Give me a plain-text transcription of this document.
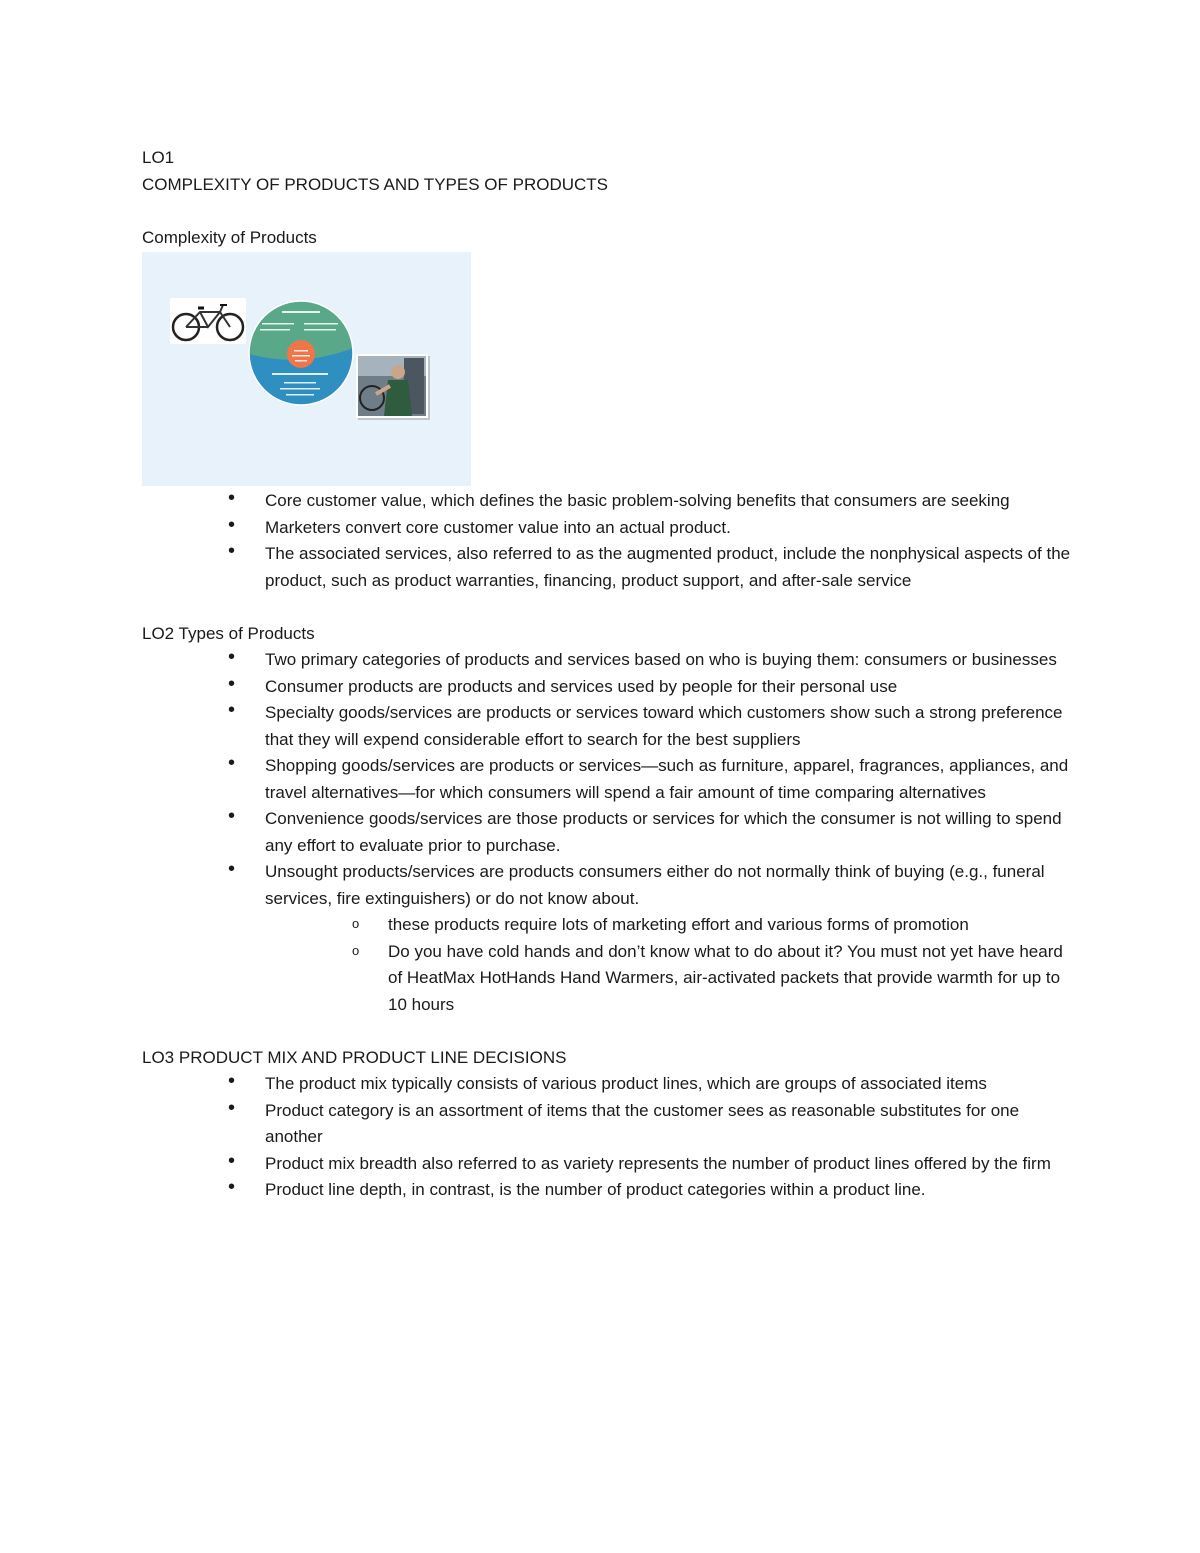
LO1

COMPLEXITY OF PRODUCTS AND TYPES OF PRODUCTS

Complexity of Products

• Core customer value, which defines the basic problem-solving benefits that consumers are seeking
• Marketers convert core customer value into an actual product.
• The associated services, also referred to as the augmented product, include the nonphysical aspects of the product, such as product warranties, financing, product support, and after-sale service

LO2 Types of Products

• Two primary categories of products and services based on who is buying them: consumers or businesses
• Consumer products are products and services used by people for their personal use
• Specialty goods/services are products or services toward which customers show such a strong preference that they will expend considerable effort to search for the best suppliers
• Shopping goods/services are products or services—such as furniture, apparel, fragrances, appliances, and travel alternatives—for which consumers will spend a fair amount of time comparing alternatives
• Convenience goods/services are those products or services for which the consumer is not willing to spend any effort to evaluate prior to purchase.
• Unsought products/services are products consumers either do not normally think of buying (e.g., funeral services, fire extinguishers) or do not know about.
o these products require lots of marketing effort and various forms of promotion
o Do you have cold hands and don’t know what to do about it? You must not yet have heard of HeatMax HotHands Hand Warmers, air-activated packets that provide warmth for up to 10 hours

LO3 PRODUCT MIX AND PRODUCT LINE DECISIONS

• The product mix typically consists of various product lines, which are groups of associated items
• Product category is an assortment of items that the customer sees as reasonable substitutes for one another
• Product mix breadth also referred to as variety represents the number of product lines offered by the firm
• Product line depth, in contrast, is the number of product categories within a product line.
